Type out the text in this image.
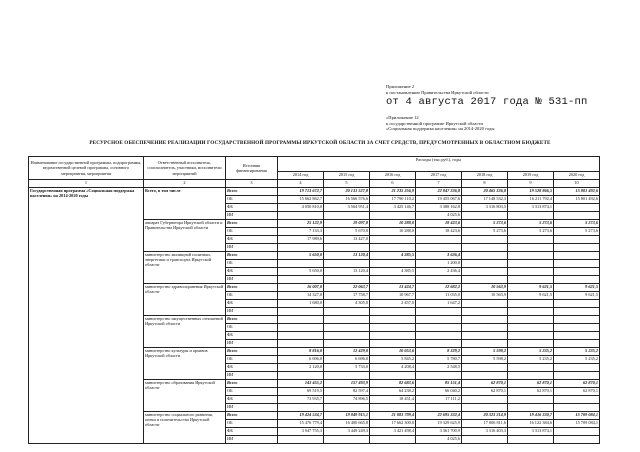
Приложение 2
к постановлению Правительства Иркутской области
от 4 августа 2017 года № 531-пп
«Приложение 12
к государственной программе Иркутской области
«Социальная поддержка населения» на 2014-2020 годы
РЕСУРСНОЕ ОБЕСПЕЧЕНИЕ РЕАЛИЗАЦИИ ГОСУДАРСТВЕННОЙ ПРОГРАММЫ ИРКУТСКОЙ ОБЛАСТИ ЗА СЧЕТ СРЕДСТВ, ПРЕДУСМОТРЕННЫХ В ОБЛАСТНОМ БЮДЖЕТЕ
Наименование государственной программы, подпрограммы, ведомственной целевой программы, основного мероприятия, мероприятия	Ответственный исполнитель, соисполнитель, участники, исполнители мероприятий	Источник финансирования	Расходы (тыс.руб.), годы						
			2014 год	2015 год	2016 год	2017 год	2018 год	2019 год	2020 год
1	2	3	4	5	6	7	8	9	10
Государственная программа «Социальная поддержка населения» на 2014-2020 годы	Всего, в том числе	Всего	19 713 672,7	20 131 527,8	21 235 256,9	22 847 236,8	20 465 336,8	19 528 866,5	15 801 492,6
		ОБ	15 662 862,7	16 566 576,6	17 790 110,2	19 455 067,6	17 148 532,3	16 211 792,4	15 801 492,6
		ФБ	4 050 810,0	3 564 951,4	3 425 146,7	3 388 162,8	3 316 803,5	3 313 874,1	
		ИИ				4 025,6			
	аппарат Губернатора Иркутской области и Правительства Иркутской области	Всего	25 122,9	19 097,8	10 288,0	18 423,6	5 273,6	5 273,6	5 273,6
		ОБ	7 133,3	5 670,8	10 288,0	18 423,6	5 273,6	5 273,6	5 273,6
		ФБ	17 989,6	13 427,0					
		ИИ							
	министерство жилищной политики, энергетики и транспорта Иркутской области	Всего	5 650,0	13 120,4	4 385,5	3 636,4			
		ОБ				1 200,0			
		ФБ	5 650,0	13 120,4	4 385,5	2 436,4			
		ИИ							
	министерство здравоохранения Иркутской области	Всего	16 007,0	22 063,7	13 424,7	12 682,2	10 563,9	9 621,5	9 621,5
		ОБ	14 327,0	17 758,7	10 967,7	11 035,0	10 563,9	9 621,5	9 621,5
		ФБ	1 680,0	4 305,0	2 457,0	1 647,2			
		ИИ							
	министерство имущественных отношений Иркутской области	Всего							
		ОБ							
		ФБ							
		ИИ							
	министерство культуры и архивов Иркутской области	Всего	8 816,0	12 429,0	10 053,6	8 329,2	5 598,2	5 235,2	5 235,2
		ОБ	6 696,0	6 696,0	5 845,2	5 780,7	5 598,2	5 235,2	5 235,2
		ФБ	2 120,0	5 733,0	4 208,4	2 548,5			
		ИИ							
	министерство образования Иркутской области	Всего	143 455,2	157 493,9	82 683,6	85 151,4	62 870,1	62 870,1	62 870,1
		ОБ	69 519,5	82 597,4	64 238,2	66 040,2	62 870,1	62 870,1	62 870,1
		ФБ	73 935,7	74 896,5	18 451,4	17 111,2			
		ИИ							
	министерство социального развития, опеки и попечительства Иркутской области	Всего	19 424 534,7	19 849 915,1	21 083 799,4	22 695 332,4	20 323 214,9	19 416 330,7	15 709 084,1
		ОБ	15 476 779,4	16 400 665,8	17 662 300,0	19 329 625,9	17 006 811,6	16 122 384,6	15 709 084,1
		ФБ	3 947 755,3	3 449 249,3	3 421 498,4	3 361 700,9	3 316 403,3	3 313 874,1	
		ИИ				4 025,6			
